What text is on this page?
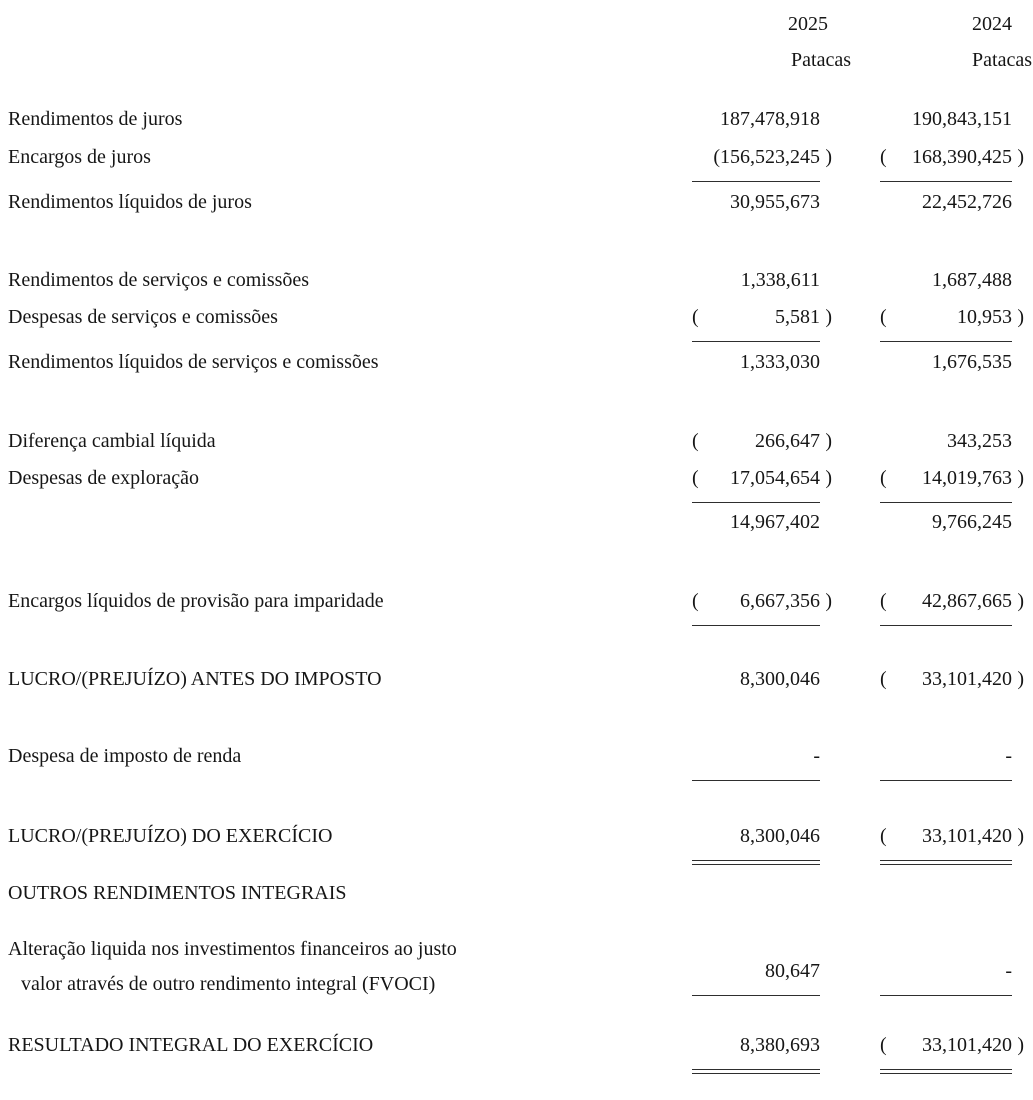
2025	2024
Patacas	Patacas
Rendimentos de juros	187,478,918	190,843,151
Encargos de juros	(156,523,245 ) ( 168,390,425 )
Rendimentos líquidos de juros	30,955,673	22,452,726
Rendimentos de serviços e comissões	1,338,611	1,687,488
Despesas de serviços e comissões	(	5,581 ) (	10,953 )
Rendimentos líquidos de serviços e comissões	1,333,030	1,676,535
Diferença cambial líquida	(	266,647 )	343,253
Despesas de exploração	( 17,054,654 ) ( 14,019,763 )
14,967,402	9,766,245
Encargos líquidos de provisão para imparidade	( 6,667,356 ) ( 42,867,665 )
LUCRO/(PREJUÍZO) ANTES DO IMPOSTO	8,300,046	( 33,101,420 )
Despesa de imposto de renda	-	-
LUCRO/(PREJUÍZO) DO EXERCÍCIO	8,300,046	( 33,101,420 )
OUTROS RENDIMENTOS INTEGRAIS
Alteração liquida nos investimentos financeiros ao justo
valor através de outro rendimento integral (FVOCI)
80,647	-
RESULTADO INTEGRAL DO EXERCÍCIO	8,380,693	( 33,101,420 )
